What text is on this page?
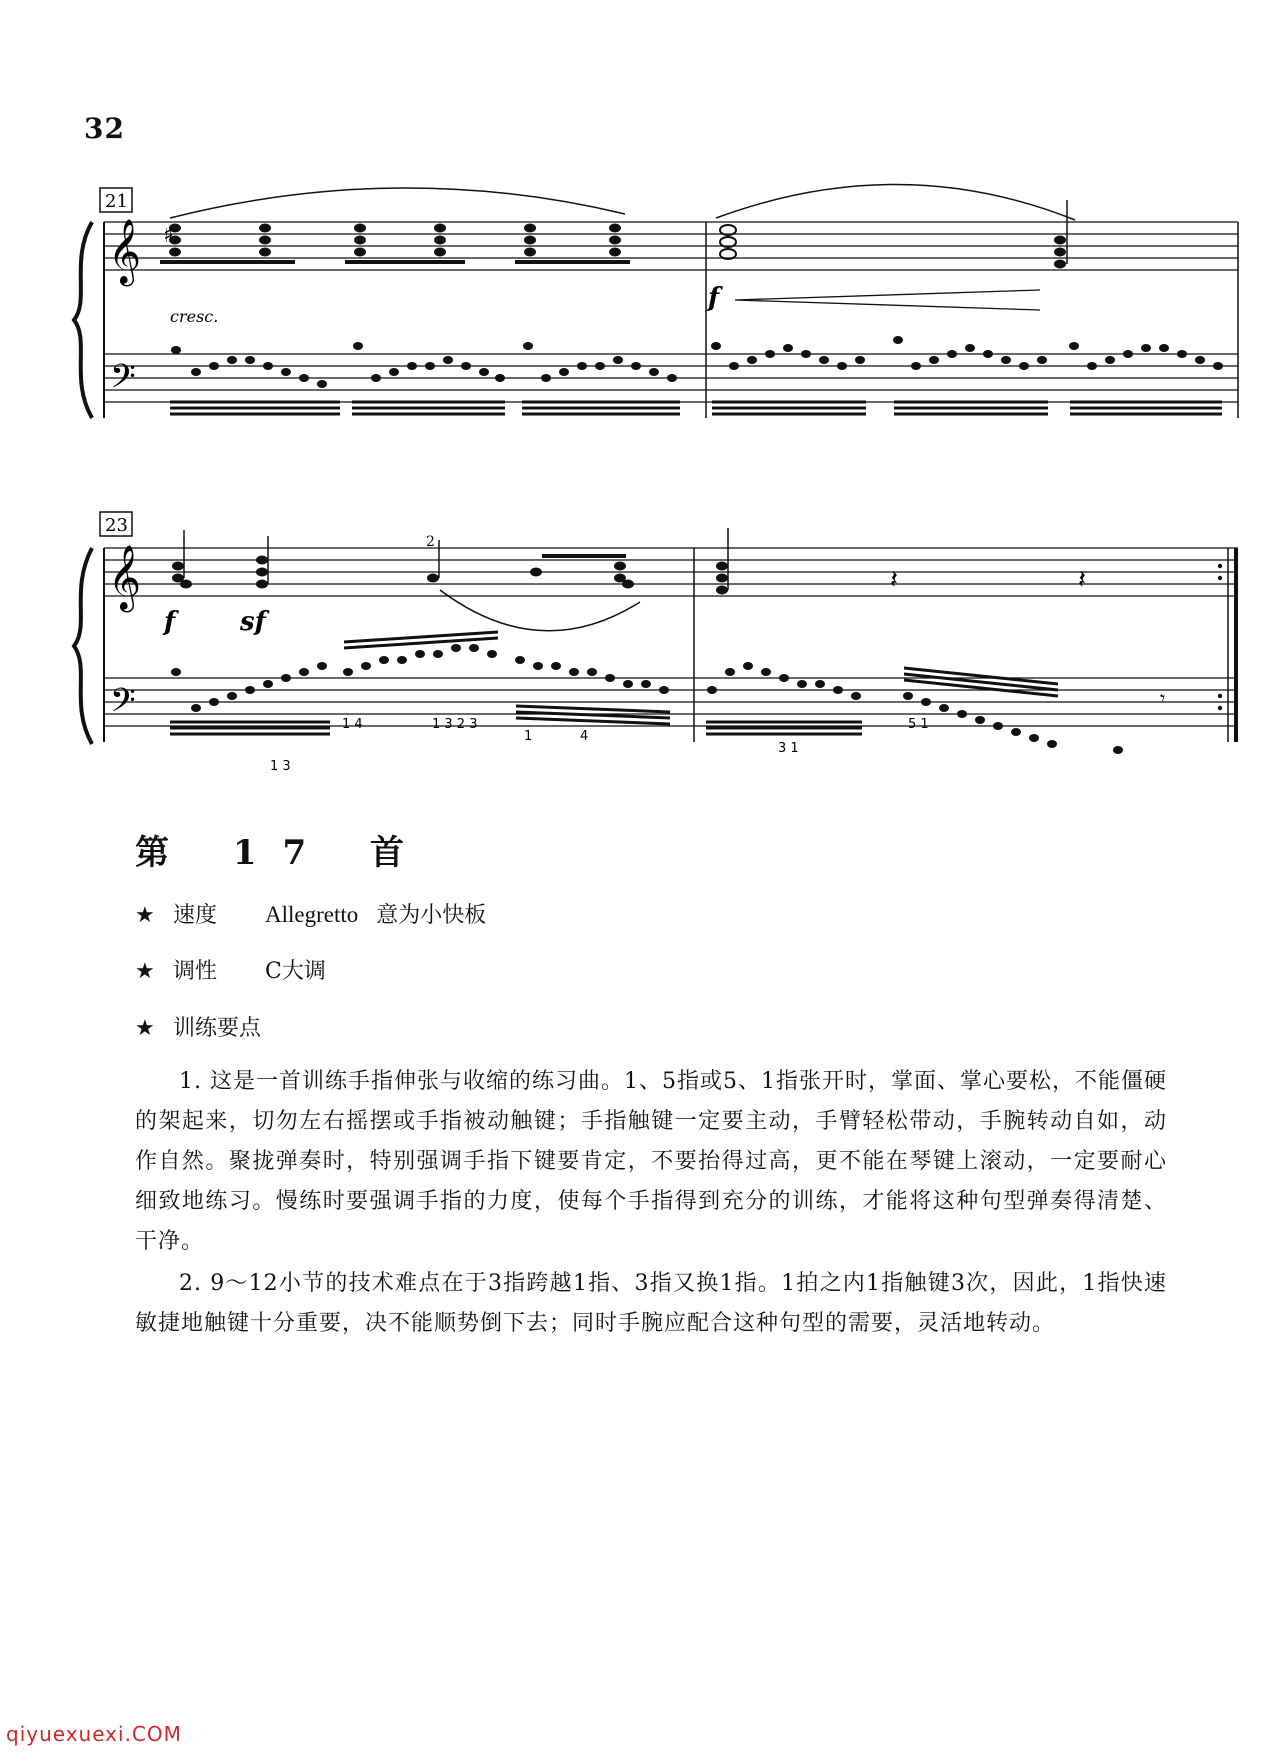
32
21
𝄞
𝄢
♯
cresc.
f
23
𝄞
𝄢
2
𝄽	𝄽
f sf
𝄾
1 3
1 4	1 3 2 3
1	4
3 1
5 1
第 17 首
★ 速度 Allegretto 意为小快板
★ 调性 C大调
★ 训练要点

1. 这是一首训练手指伸张与收缩的练习曲。1、5指或5、1指张开时，掌面、掌心要松，不能僵硬的架起来，切勿左右摇摆或手指被动触键；手指触键一定要主动，手臂轻松带动，手腕转动自如，动作自然。聚拢弹奏时，特别强调手指下键要肯定，不要抬得过高，更不能在琴键上滚动，一定要耐心细致地练习。慢练时要强调手指的力度，使每个手指得到充分的训练，才能将这种句型弹奏得清楚、干净。

2. 9～12小节的技术难点在于3指跨越1指、3指又换1指。1拍之内1指触键3次，因此，1指快速敏捷地触键十分重要，决不能顺势倒下去；同时手腕应配合这种句型的需要，灵活地转动。

qiyuexuexi.COM
